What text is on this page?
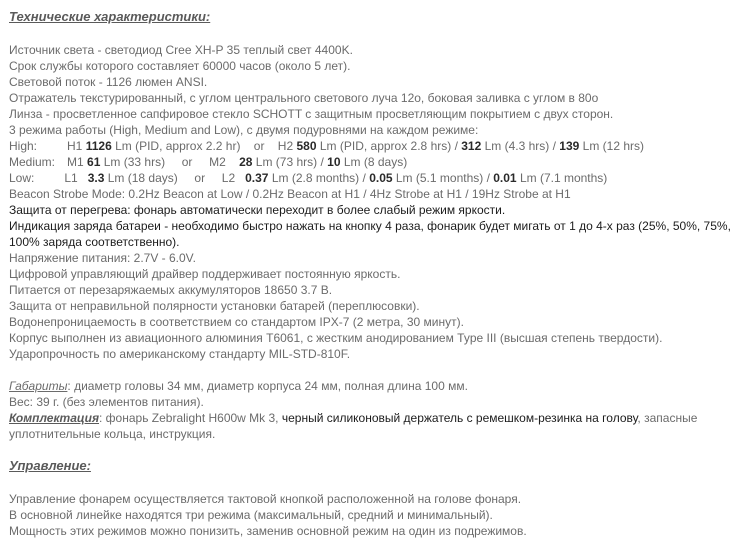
Технические характеристики:
Источник света - светодиод Cree XH-P 35 теплый свет 4400K.
Срок службы которого составляет 60000 часов (около 5 лет).
Световой поток - 1126 люмен ANSI.
Отражатель текстурированный, с углом центрального светового луча 12о, боковая заливка с углом в 80о
Линза - просветленное сапфировое стекло SCHOTT с защитным просветляющим покрытием с двух сторон.
3 режима работы (High, Medium and Low), с двумя подуровнями на каждом режиме:
High:	H1 1126 Lm (PID, approx 2.2 hr)    or    H2 580 Lm (PID, approx 2.8 hrs) / 312 Lm (4.3 hrs) / 139 Lm (12 hrs)
Medium: M1 61 Lm (33 hrs)     or     M2    28 Lm (73 hrs) / 10 Lm (8 days)
Low:	L1   3.3 Lm (18 days)     or     L2   0.37 Lm (2.8 months) / 0.05 Lm (5.1 months) / 0.01 Lm (7.1 months)
Beacon Strobe Mode: 0.2Hz Beacon at Low / 0.2Hz Beacon at H1 / 4Hz Strobe at H1 / 19Hz Strobe at H1
Защита от перегрева: фонарь автоматически переходит в более слабый режим яркости.
Индикация заряда батареи - необходимо быстро нажать на кнопку 4 раза, фонарик будет мигать от 1 до 4-х раз (25%, 50%, 75%, 100% заряда соответственно).
Напряжение питания: 2.7V - 6.0V.
Цифровой управляющий драйвер поддерживает постоянную яркость.
Питается от перезаряжаемых аккумуляторов 18650 3.7 В.
Защита от неправильной полярности установки батарей (переплюсовки).
Водонепроницаемость в соответствием со стандартом IPX-7 (2 метра, 30 минут).
Корпус выполнен из авиационного алюминия T6061, с жестким анодированием Type III (высшая степень твердости).
Ударопрочность по американскому стандарту MIL-STD-810F.
Габариты: диаметр головы 34 мм, диаметр корпуса 24 мм, полная длина 100 мм.
Вес: 39 г. (без элементов питания).
Комплектация: фонарь Zebralight H600w Mk 3, черный силиконовый держатель с ремешком-резинка на голову, запасные уплотнительные кольца, инструкция.
Управление:
Управление фонарем осуществляется тактовой кнопкой расположенной на голове фонаря.
В основной линейке находятся три режима (максимальный, средний и минимальный).
Мощность этих режимов можно понизить, заменив основной режим на один из подрежимов.
